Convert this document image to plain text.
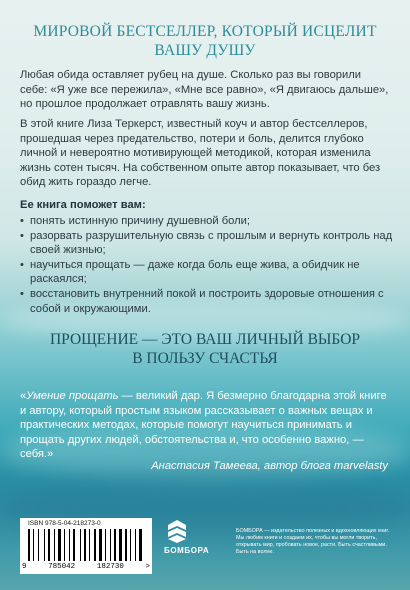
МИРОВОЙ БЕСТСЕЛЛЕР, КОТОРЫЙ ИСЦЕЛИТ
ВАШУ ДУШУ
Любая обида оставляет рубец на душе. Сколько раз вы говорили себе: «Я уже все пережила», «Мне все равно», «Я двигаюсь дальше», но прошлое продолжает отравлять вашу жизнь.
В этой книге Лиза Теркерст, известный коуч и автор бестселлеров, прошедшая через предательство, потери и боль, делится глубоко личной и невероятно мотивирующей методикой, которая изменила жизнь сотен тысяч. На собственном опыте автор показывает, что без обид жить гораздо легче.
Ее книга поможет вам:
• понять истинную причину душевной боли;
• разорвать разрушительную связь с прошлым и вернуть контроль над своей жизнью;
• научиться прощать — даже когда боль еще жива, а обидчик не раскаялся;
• восстановить внутренний покой и построить здоровые отношения с собой и окружающими.
ПРОЩЕНИЕ — ЭТО ВАШ ЛИЧНЫЙ ВЫБОР
В ПОЛЬЗУ СЧАСТЬЯ
«Умение прощать — великий дар. Я безмерно благодарна этой книге и автору, который простым языком рассказывает о важных вещах и практических методах, которые помогут научиться принимать и прощать других людей, обстоятельства и, что особенно важно, — себя.»
Анастасия Тамеева, автор блога marvelasty
ISBN 978-5-04-218273-0
9	785042	182730	>
БОМБОРА
БОМБОРА — издательство полезных и вдохновляющих книг. Мы любим книги и создаем их, чтобы вы могли творить, открывать мир, пробовать новое, расти. Быть счастливыми. Быть на волне.
